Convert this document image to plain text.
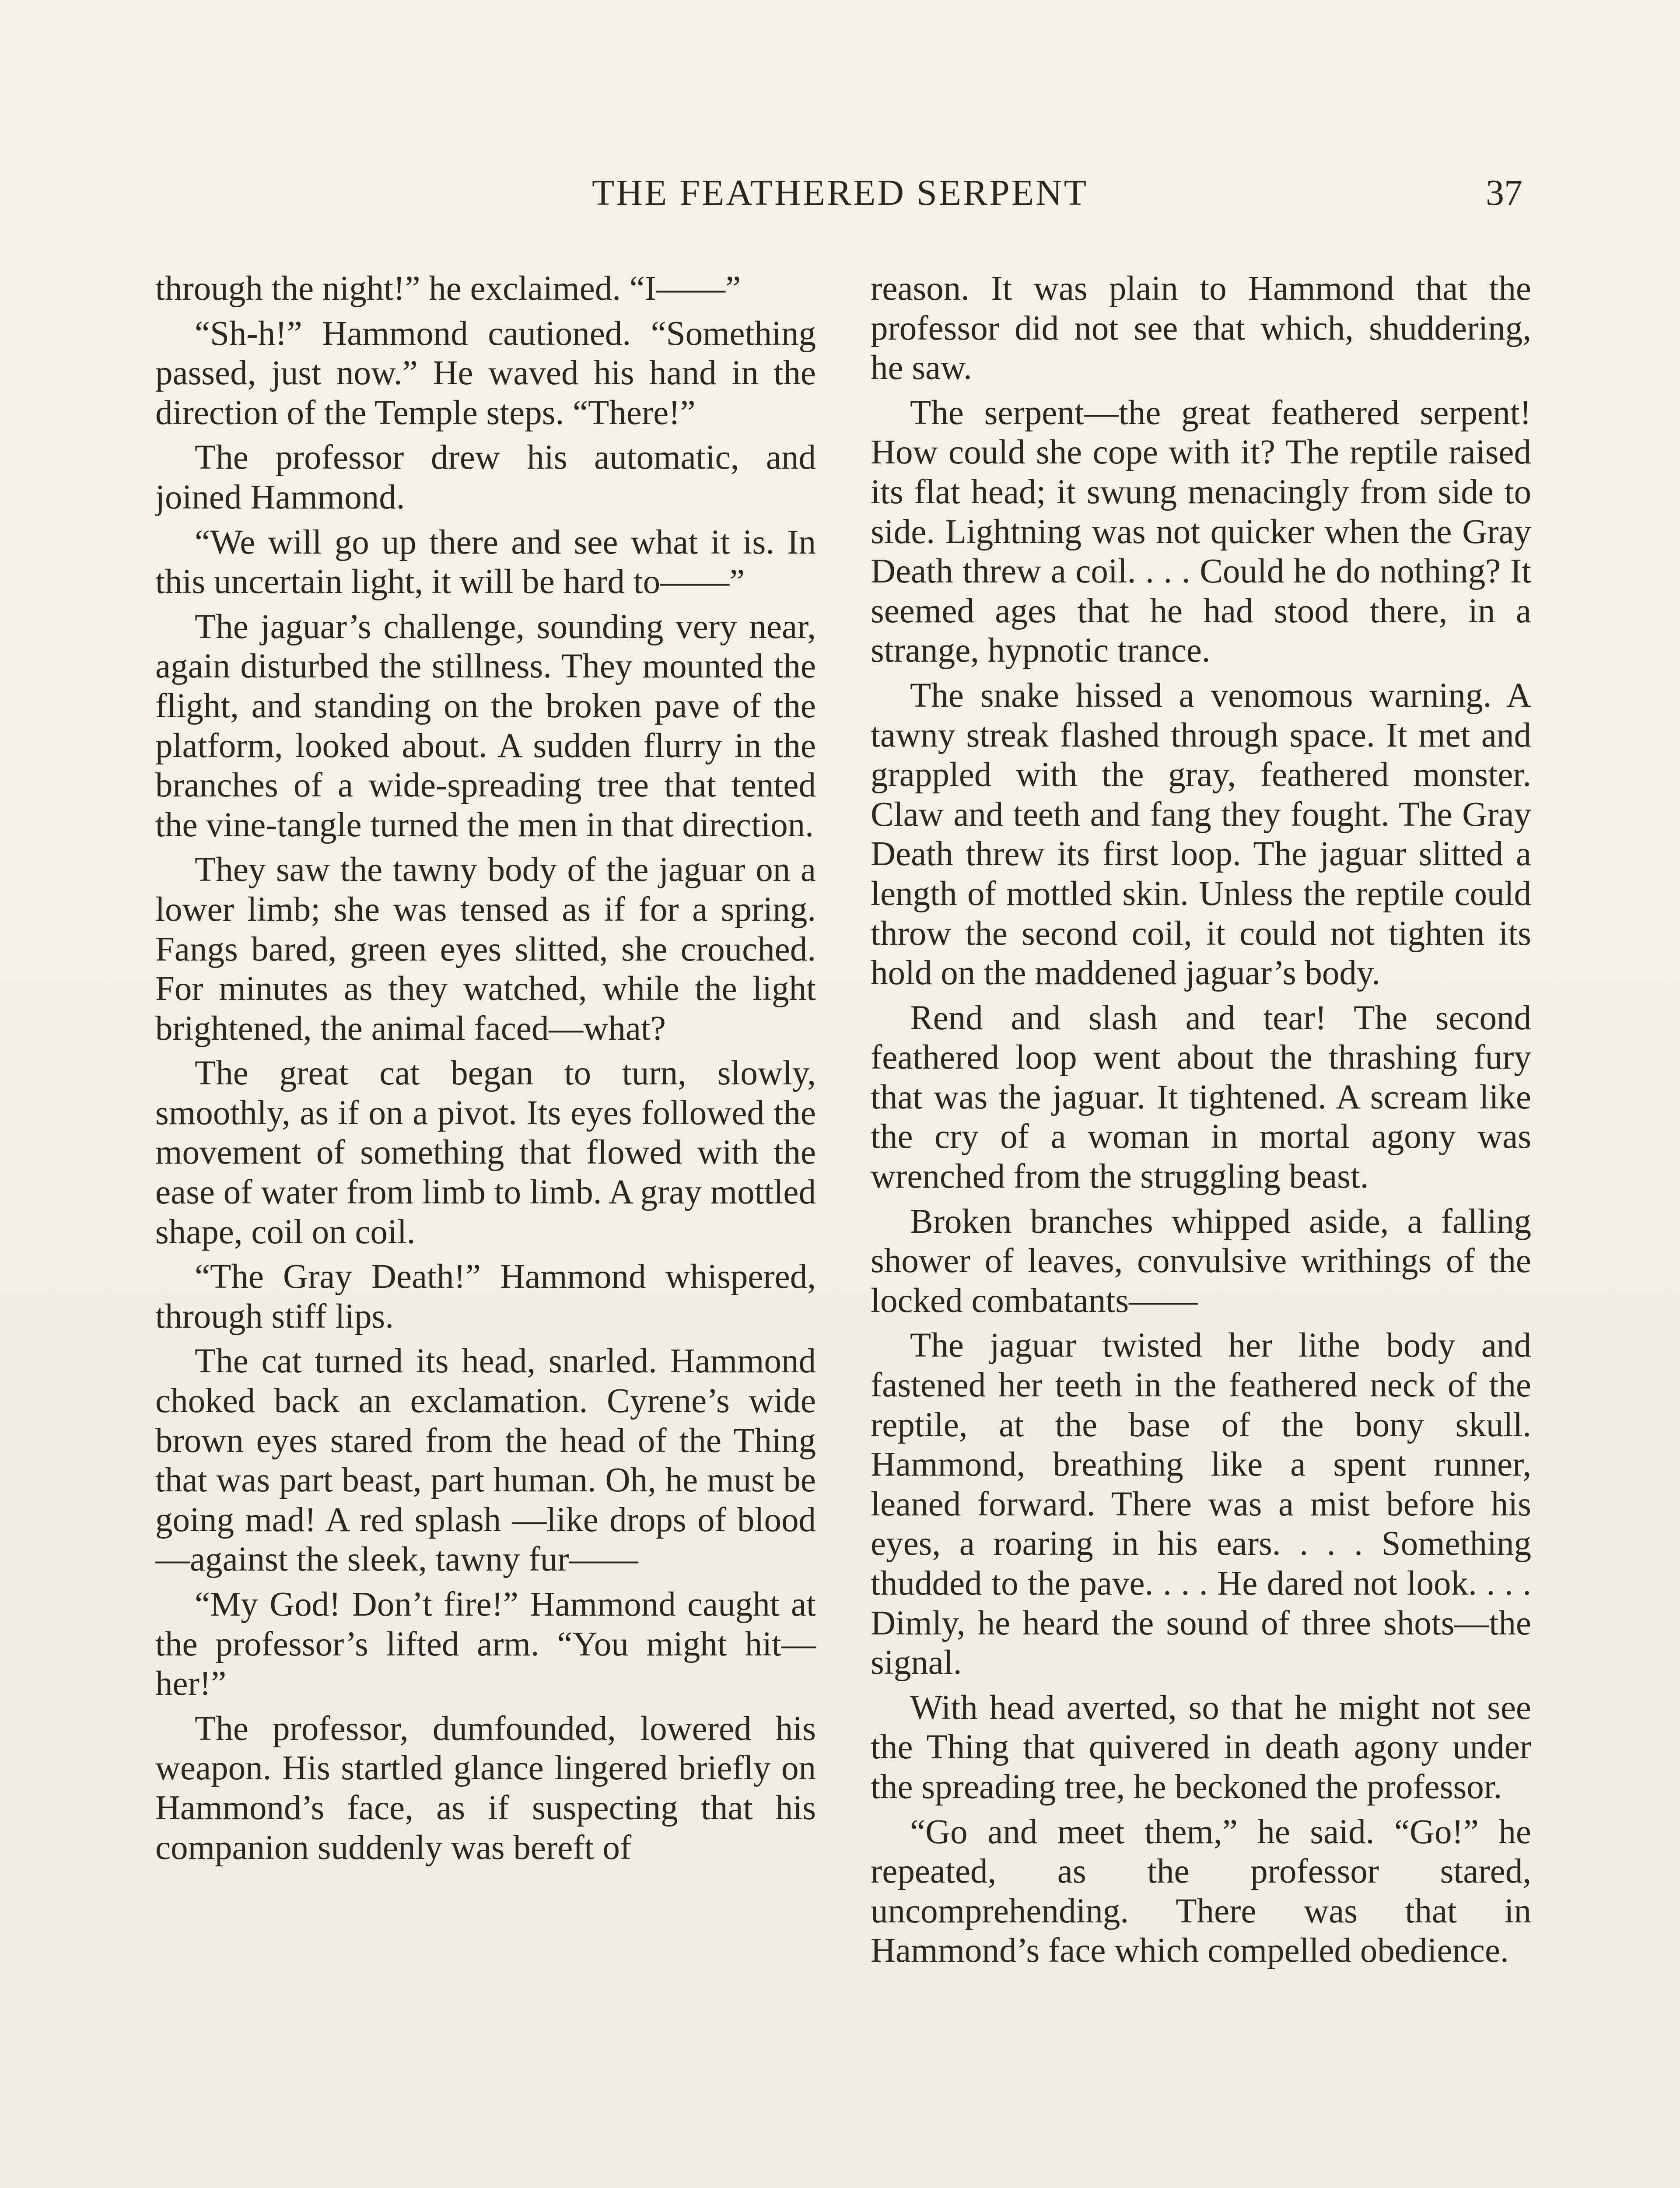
THE FEATHERED SERPENT	37

through the night!” he exclaimed. “I——”

“Sh-h!” Hammond cautioned. “Something passed, just now.” He waved his hand in the direction of the Temple steps. “There!”

The professor drew his automatic, and joined Hammond.

“We will go up there and see what it is. In this uncertain light, it will be hard to——”

The jaguar’s challenge, sounding very near, again disturbed the stillness. They mounted the flight, and standing on the broken pave of the platform, looked about. A sudden flurry in the branches of a wide-spreading tree that tented the vine-tangle turned the men in that direction.

They saw the tawny body of the jaguar on a lower limb; she was tensed as if for a spring. Fangs bared, green eyes slitted, she crouched. For minutes as they watched, while the light brightened, the animal faced—what?

The great cat began to turn, slowly, smoothly, as if on a pivot. Its eyes followed the movement of something that flowed with the ease of water from limb to limb. A gray mottled shape, coil on coil.

“The Gray Death!” Hammond whispered, through stiff lips.

The cat turned its head, snarled. Hammond choked back an exclamation. Cyrene’s wide brown eyes stared from the head of the Thing that was part beast, part human. Oh, he must be going mad! A red splash —like drops of blood—against the sleek, tawny fur——

“My God! Don’t fire!” Hammond caught at the professor’s lifted arm. “You might hit—her!”

The professor, dumfounded, lowered his weapon. His startled glance lingered briefly on Hammond’s face, as if suspecting that his companion suddenly was bereft of

reason. It was plain to Hammond that the professor did not see that which, shuddering, he saw.

The serpent—the great feathered serpent! How could she cope with it? The reptile raised its flat head; it swung menacingly from side to side. Lightning was not quicker when the Gray Death threw a coil. . . . Could he do nothing? It seemed ages that he had stood there, in a strange, hypnotic trance.

The snake hissed a venomous warning. A tawny streak flashed through space. It met and grappled with the gray, feathered monster. Claw and teeth and fang they fought. The Gray Death threw its first loop. The jaguar slitted a length of mottled skin. Unless the reptile could throw the second coil, it could not tighten its hold on the maddened jaguar’s body.

Rend and slash and tear! The second feathered loop went about the thrashing fury that was the jaguar. It tightened. A scream like the cry of a woman in mortal agony was wrenched from the struggling beast.

Broken branches whipped aside, a falling shower of leaves, convulsive writhings of the locked combatants——

The jaguar twisted her lithe body and fastened her teeth in the feathered neck of the reptile, at the base of the bony skull. Hammond, breathing like a spent runner, leaned forward. There was a mist before his eyes, a roaring in his ears. . . . Something thudded to the pave. . . . He dared not look. . . . Dimly, he heard the sound of three shots—the signal.

With head averted, so that he might not see the Thing that quivered in death agony under the spreading tree, he beckoned the professor.

“Go and meet them,” he said. “Go!” he repeated, as the professor stared, uncomprehending. There was that in Hammond’s face which compelled obedience.
